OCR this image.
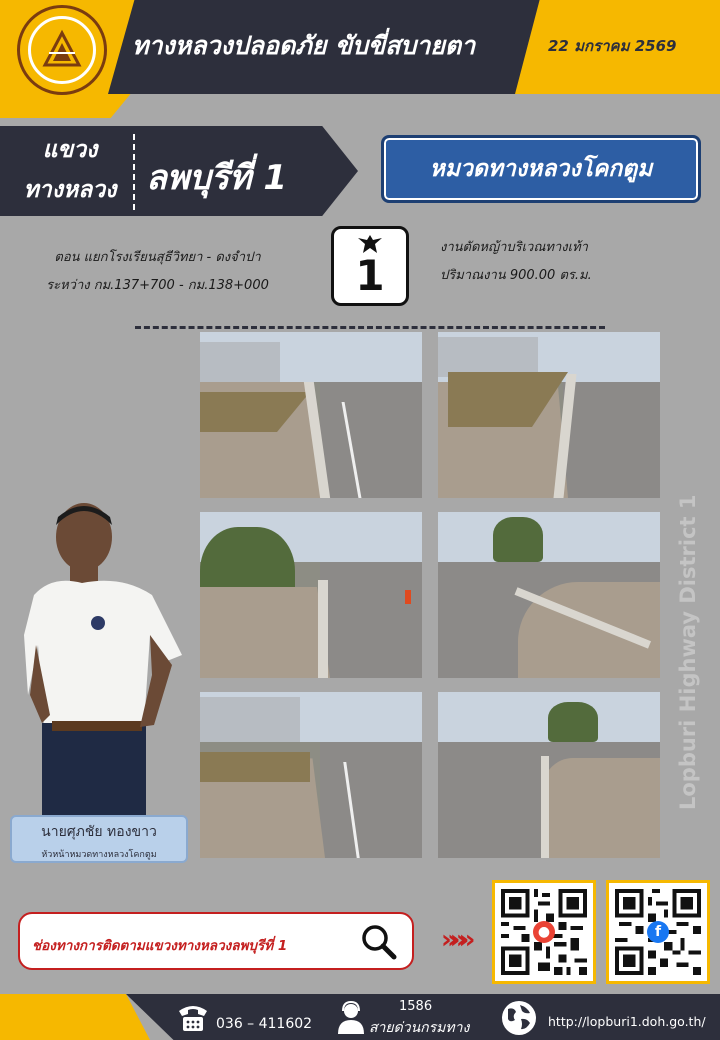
ทางหลวงปลอดภัย ขับขี่สบายตา	22 มกราคม 2569
แขวง
ทางหลวง ลพบุรีที่ 1	หมวดทางหลวงโคกตูม
ตอน แยกโรงเรียนสุธีวิทยา - ดงจำปา
ระหว่าง กม.137+700 - กม.138+000	1
งานตัดหญ้าบริเวณทางเท้า
ปริมาณงาน 900.00 ตร.ม.
Lopburi Highway District 1
นายศุภชัย ทองขาว
หัวหน้าหมวดทางหลวงโคกตูม
ช่องทางการติดตามแขวงทางหลวงลพบุรีที่ 1	»»»	●	f
036 – 411602
1586
สายด่วนกรมทาง	http://lopburi1.doh.go.th/
